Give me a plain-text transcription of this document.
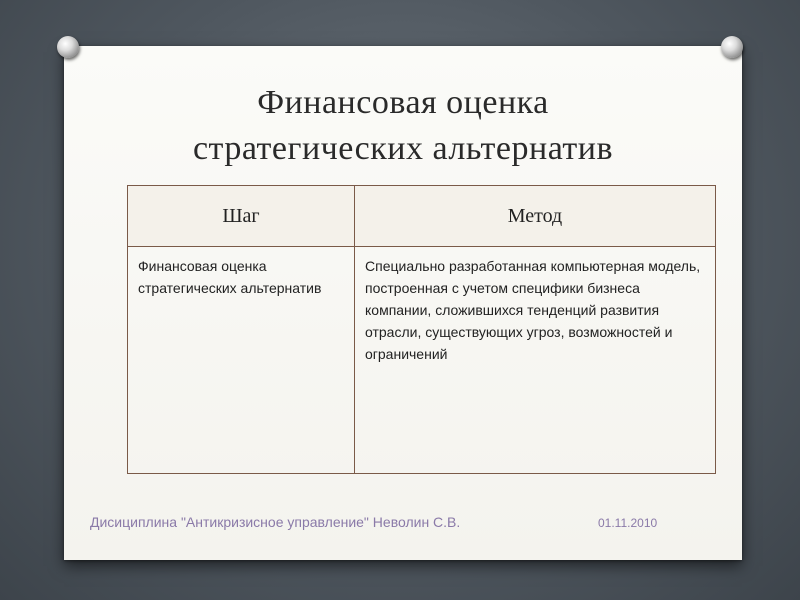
Финансовая оценка
стратегических альтернатив
Шаг	Метод
Финансовая оценка стратегических альтернатив	Специально разработанная компьютерная модель, построенная с учетом специфики бизнеса компании, сложившихся тенденций развития отрасли, существующих угроз, возможностей и ограничений
Дисициплина "Антикризисное управление" Неволин С.В.	01.11.2010
